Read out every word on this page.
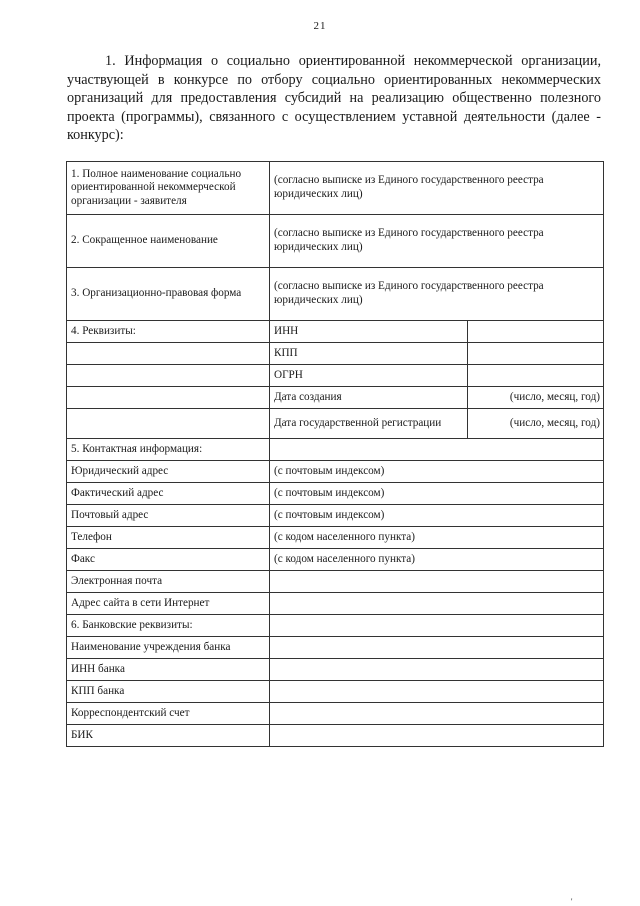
21

1. Информация о социально ориентированной некоммерческой организации, участвующей в конкурсе по отбору социально ориентированных некоммерческих организаций для предоставления субсидий на реализацию общественно полезного проекта (программы), связанного с осуществлением уставной деятельности (далее - конкурс):

1. Полное наименование социально ориентированной некоммерческой организации - заявителя	(согласно выписке из Единого государственного реестра юридических лиц)	
2. Сокращенное наименование	(согласно выписке из Единого государственного реестра юридических лиц)	
3. Организационно-правовая форма	(согласно выписке из Единого государственного реестра юридических лиц)	
4. Реквизиты:	ИНН	
	КПП	
	ОГРН	
	Дата создания	(число, месяц, год)
	Дата государственной регистрации	(число, месяц, год)
5. Контактная информация:		
Юридический адрес	(с почтовым индексом)	
Фактический адрес	(с почтовым индексом)	
Почтовый адрес	(с почтовым индексом)	
Телефон	(с кодом населенного пункта)	
Факс	(с кодом населенного пункта)	
Электронная почта		
Адрес сайта в сети Интернет		
6. Банковские реквизиты:		
Наименование учреждения банка		
ИНН банка		
КПП банка		
Корреспондентский счет		
БИК		
'
